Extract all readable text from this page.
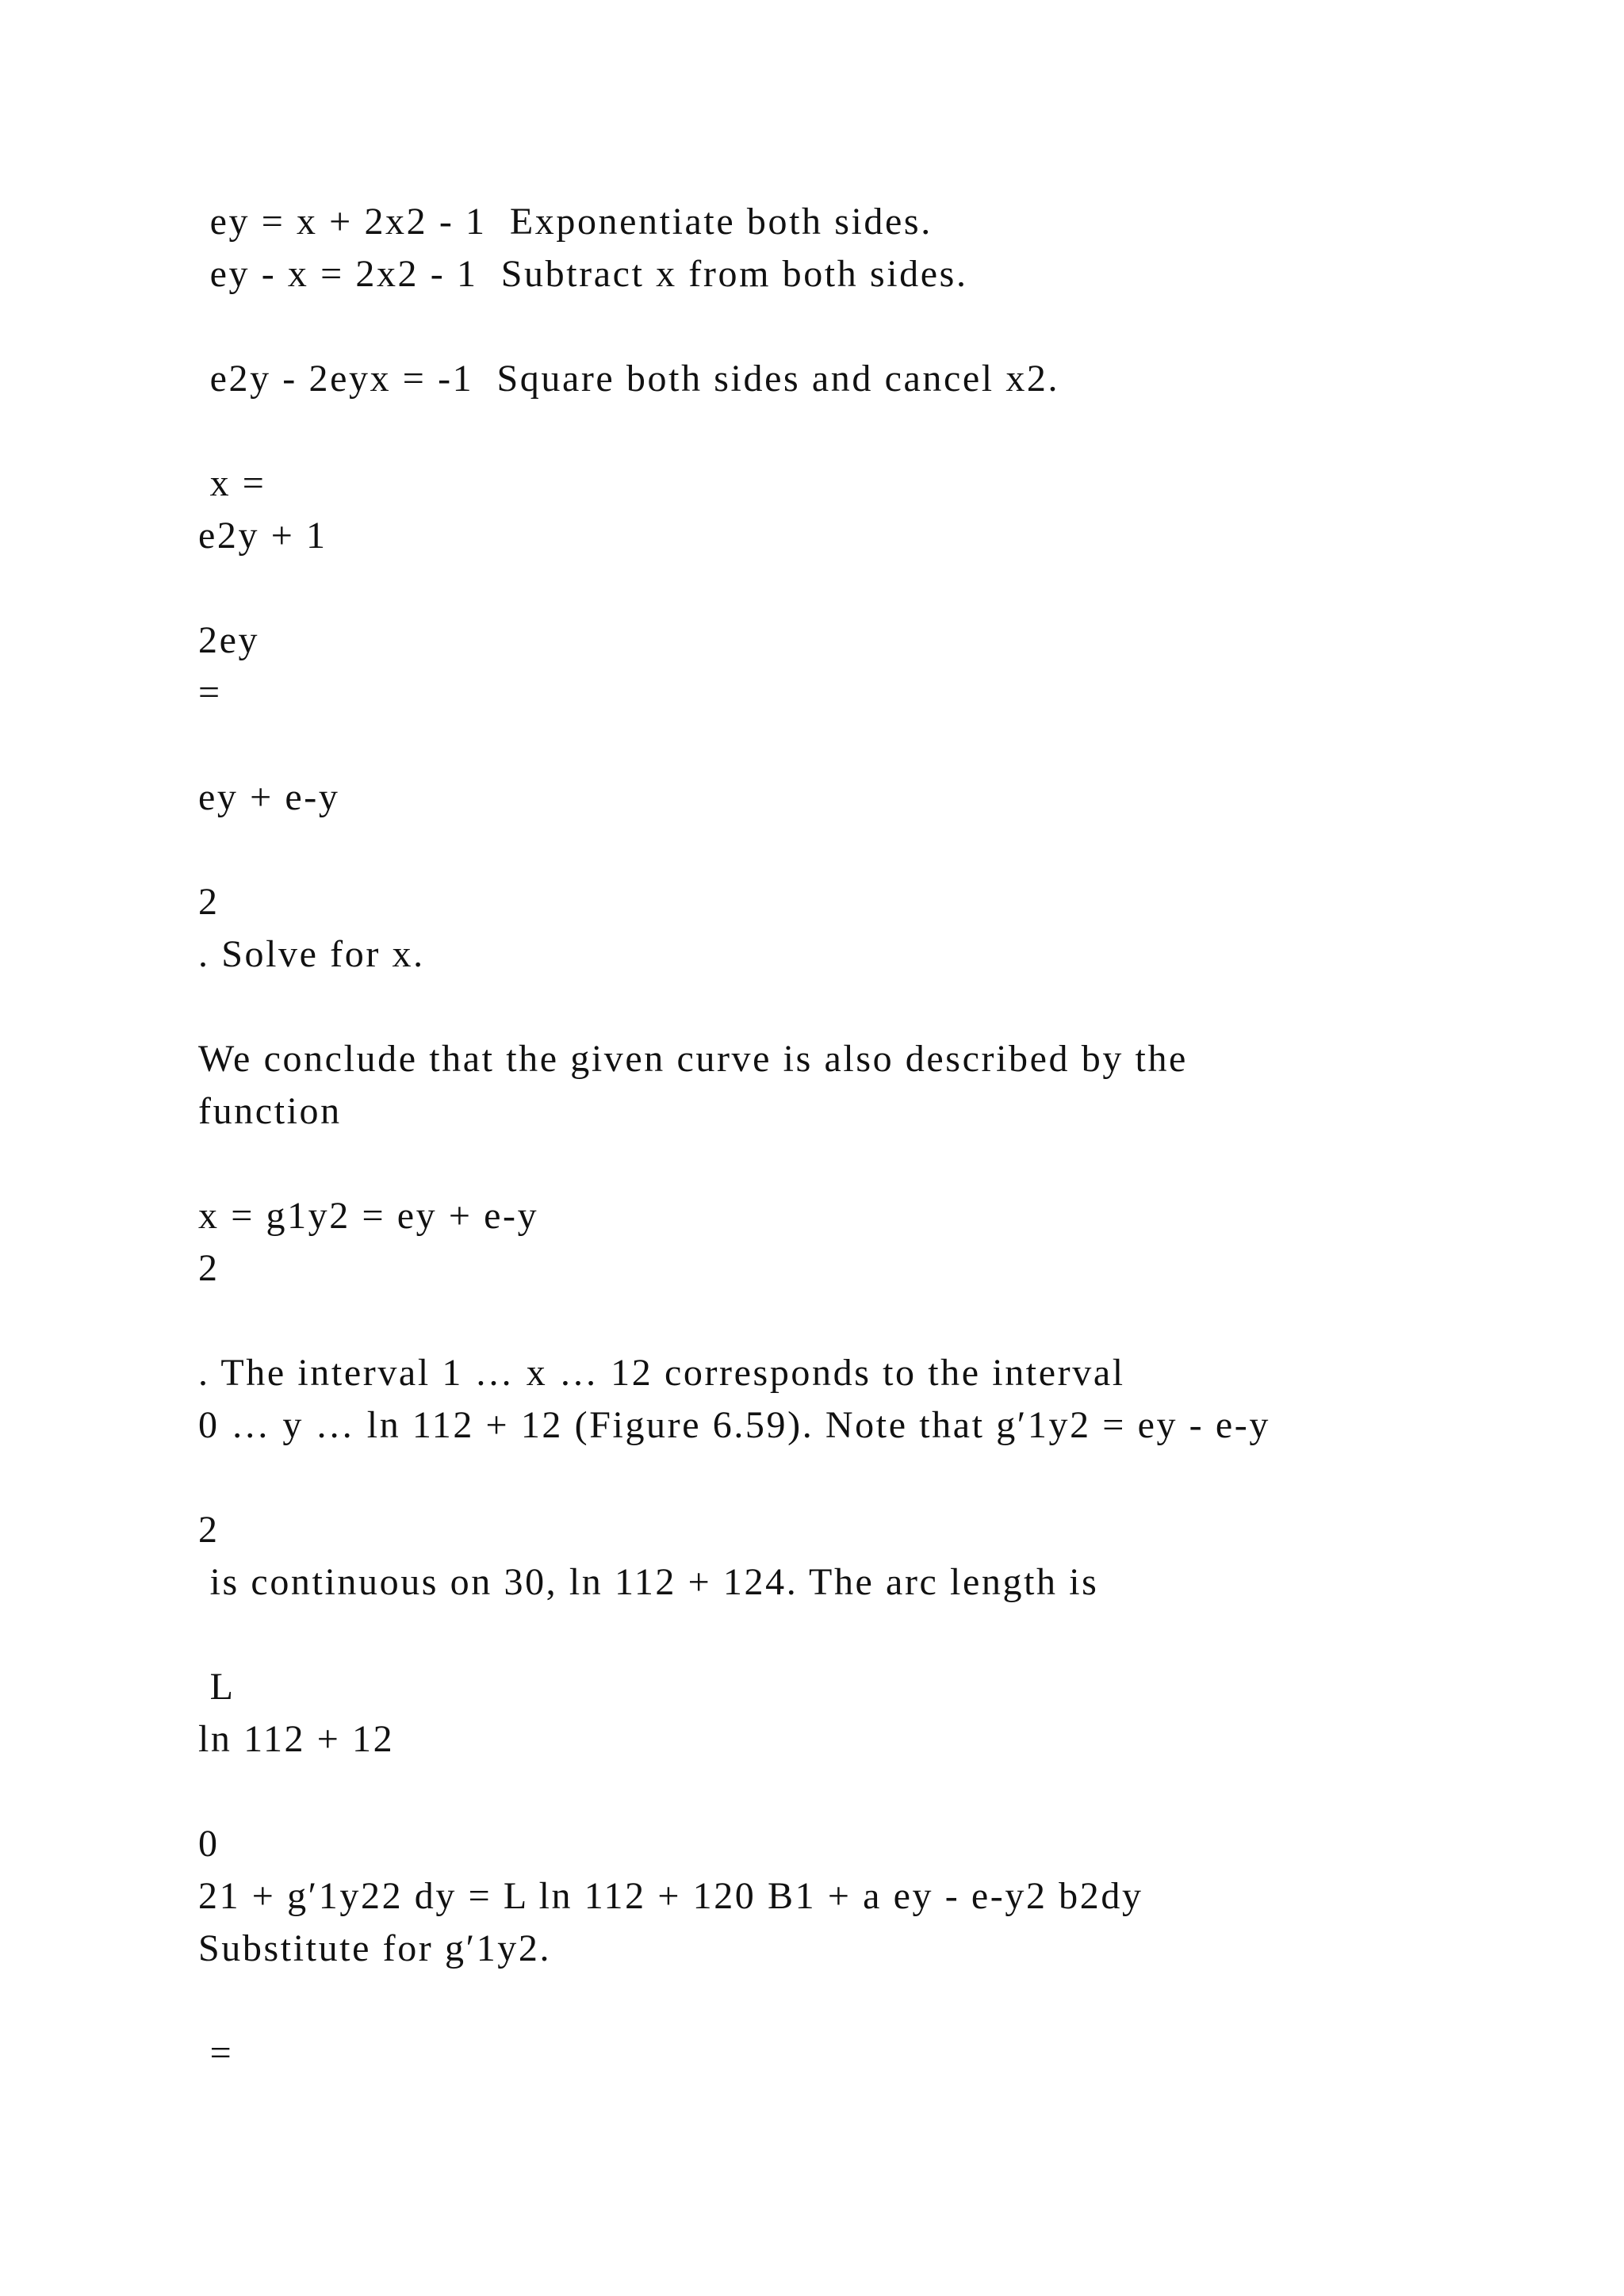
ey = x + 2x2 - 1  Exponentiate both sides.
ey - x = 2x2 - 1  Subtract x from both sides.
e2y - 2eyx = -1  Square both sides and cancel x2.
x =
e2y + 1
2ey
=
ey + e-y
2
. Solve for x.
We conclude that the given curve is also described by the
function
x = g1y2 = ey + e-y
2
. The interval 1 … x … 12 corresponds to the interval
0 … y … ln 112 + 12 (Figure 6.59). Note that g′1y2 = ey - e-y
2
is continuous on 30, ln 112 + 124. The arc length is
L
ln 112 + 12
0
21 + g′1y22 dy = L ln 112 + 120 B1 + a ey - e-y2 b2dy
Substitute for g′1y2.
=
